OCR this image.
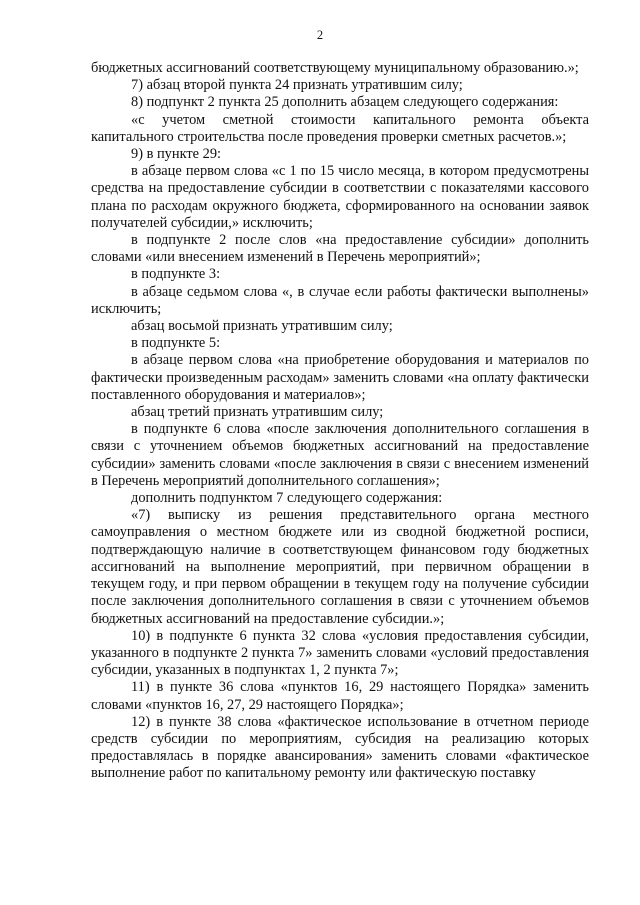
2

бюджетных ассигнований соответствующему муниципальному образованию.»;

7) абзац второй пункта 24 признать утратившим силу;

8) подпункт 2 пункта 25 дополнить абзацем следующего содержания:

«с учетом сметной стоимости капитального ремонта объекта капитального строительства после проведения проверки сметных расчетов.»;

9) в пункте 29:

в абзаце первом слова «с 1 по 15 число месяца, в котором предусмотрены средства на предоставление субсидии в соответствии с показателями кассового плана по расходам окружного бюджета, сформированного на основании заявок получателей субсидии,» исключить;

в подпункте 2 после слов «на предоставление субсидии» дополнить словами «или внесением изменений в Перечень мероприятий»;

в подпункте 3:

в абзаце седьмом слова «, в случае если работы фактически выполнены» исключить;

абзац восьмой признать утратившим силу;

в подпункте 5:

в абзаце первом слова «на приобретение оборудования и материалов по фактически произведенным расходам» заменить словами «на оплату фактически поставленного оборудования и материалов»;

абзац третий признать утратившим силу;

в подпункте 6 слова «после заключения дополнительного соглашения в связи с уточнением объемов бюджетных ассигнований на предоставление субсидии» заменить словами «после заключения в связи с внесением изменений в Перечень мероприятий дополнительного соглашения»;

дополнить подпунктом 7 следующего содержания:

«7) выписку из решения представительного органа местного самоуправления о местном бюджете или из сводной бюджетной росписи, подтверждающую наличие в соответствующем финансовом году бюджетных ассигнований на выполнение мероприятий, при первичном обращении в текущем году, и при первом обращении в текущем году на получение субсидии после заключения дополнительного соглашения в связи с уточнением объемов бюджетных ассигнований на предоставление субсидии.»;

10) в подпункте 6 пункта 32 слова «условия предоставления субсидии, указанного в подпункте 2 пункта 7» заменить словами «условий предоставления субсидии, указанных в подпунктах 1, 2 пункта 7»;

11) в пункте 36 слова «пунктов 16, 29 настоящего Порядка» заменить словами «пунктов 16, 27, 29 настоящего Порядка»;

12) в пункте 38 слова «фактическое использование в отчетном периоде средств субсидии по мероприятиям, субсидия на реализацию которых предоставлялась в порядке авансирования» заменить словами «фактическое выполнение работ по капитальному ремонту или фактическую поставку
